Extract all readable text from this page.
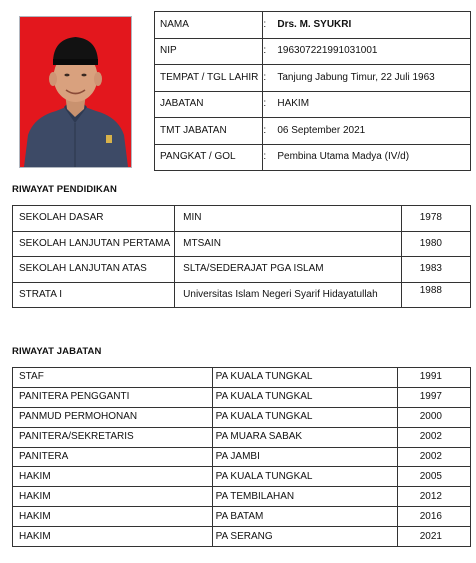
NAMA	: Drs. M. SYUKRI
NIP	: 196307221991031001
TEMPAT / TGL LAHIR	: Tanjung Jabung Timur, 22 Juli 1963
JABATAN	: HAKIM
TMT JABATAN	: 06 September 2021
PANGKAT / GOL	: Pembina Utama Madya (IV/d)
RIWAYAT PENDIDIKAN
SEKOLAH DASAR	MIN	1978
SEKOLAH LANJUTAN PERTAMA	MTSAIN	1980
SEKOLAH LANJUTAN ATAS	SLTA/SEDERAJAT PGA ISLAM	1983
STRATA I	Universitas Islam Negeri Syarif Hidayatullah	1988
RIWAYAT JABATAN
STAF	PA KUALA TUNGKAL	1991
PANITERA PENGGANTI	PA KUALA TUNGKAL	1997
PANMUD PERMOHONAN	PA KUALA TUNGKAL	2000
PANITERA/SEKRETARIS	PA MUARA SABAK	2002
PANITERA	PA JAMBI	2002
HAKIM	PA KUALA TUNGKAL	2005
HAKIM	PA TEMBILAHAN	2012
HAKIM	PA BATAM	2016
HAKIM	PA SERANG	2021
